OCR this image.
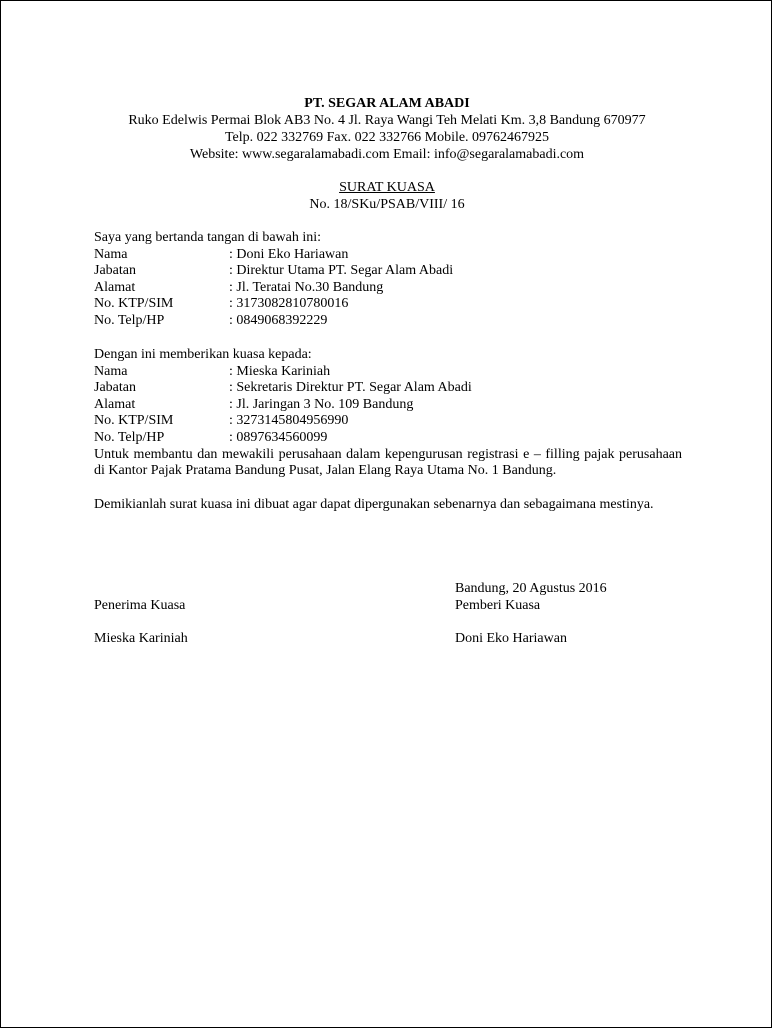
PT. SEGAR ALAM ABADI
Ruko Edelwis Permai Blok AB3 No. 4 Jl. Raya Wangi Teh Melati Km. 3,8 Bandung 670977
Telp. 022 332769 Fax. 022 332766 Mobile. 09762467925
Website: www.segaralamabadi.com Email: info@segaralamabadi.com
SURAT KUASA
No. 18/SKu/PSAB/VIII/ 16
Saya yang bertanda tangan di bawah ini:
Nama	: Doni Eko Hariawan
Jabatan	: Direktur Utama PT. Segar Alam Abadi
Alamat	: Jl. Teratai No.30 Bandung
No. KTP/SIM	: 3173082810780016
No. Telp/HP	: 0849068392229
Dengan ini memberikan kuasa kepada:
Nama	: Mieska Kariniah
Jabatan	: Sekretaris Direktur PT. Segar Alam Abadi
Alamat	: Jl. Jaringan 3 No. 109 Bandung
No. KTP/SIM	: 3273145804956990
No. Telp/HP	: 0897634560099
Untuk membantu dan mewakili perusahaan dalam kepengurusan registrasi e – filling pajak perusahaan di Kantor Pajak Pratama Bandung Pusat, Jalan Elang Raya Utama No. 1 Bandung.
Demikianlah surat kuasa ini dibuat agar dapat dipergunakan sebenarnya dan sebagaimana mestinya.
Bandung, 20 Agustus 2016
Penerima Kuasa	Pemberi Kuasa
Mieska Kariniah	Doni Eko Hariawan
